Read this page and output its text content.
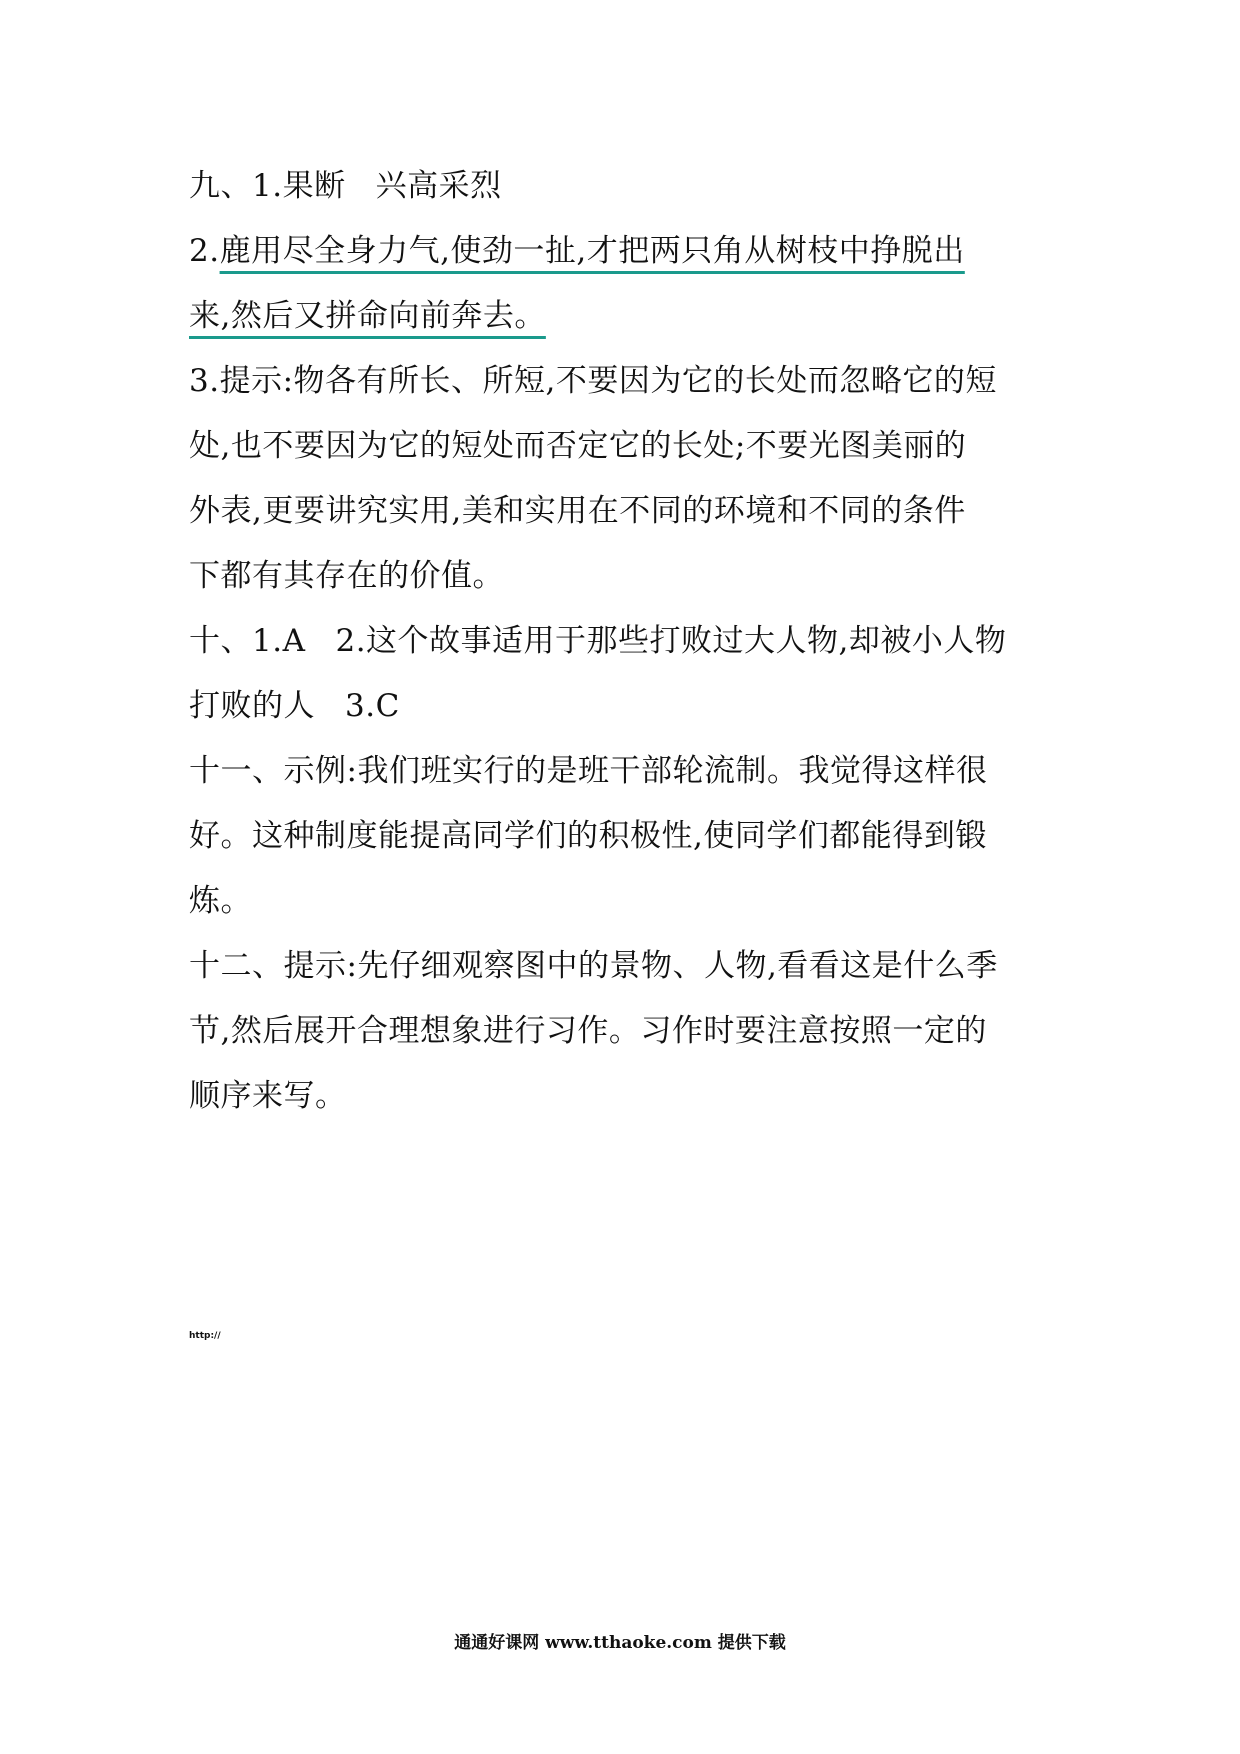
九、1.果断 兴高采烈
2.鹿用尽全身力气,使劲一扯,才把两只角从树枝中挣脱出
来,然后又拼命向前奔去。
3.提示:物各有所长、所短,不要因为它的长处而忽略它的短
处,也不要因为它的短处而否定它的长处;不要光图美丽的
外表,更要讲究实用,美和实用在不同的环境和不同的条件
下都有其存在的价值。
十、1.A 2.这个故事适用于那些打败过大人物,却被小人物
打败的人 3.C
十一、示例:我们班实行的是班干部轮流制。我觉得这样很
好。这种制度能提高同学们的积极性,使同学们都能得到锻
炼。
十二、提示:先仔细观察图中的景物、人物,看看这是什么季
节,然后展开合理想象进行习作。习作时要注意按照一定的
顺序来写。
http://
通通好课网 www.tthaoke.com 提供下载
